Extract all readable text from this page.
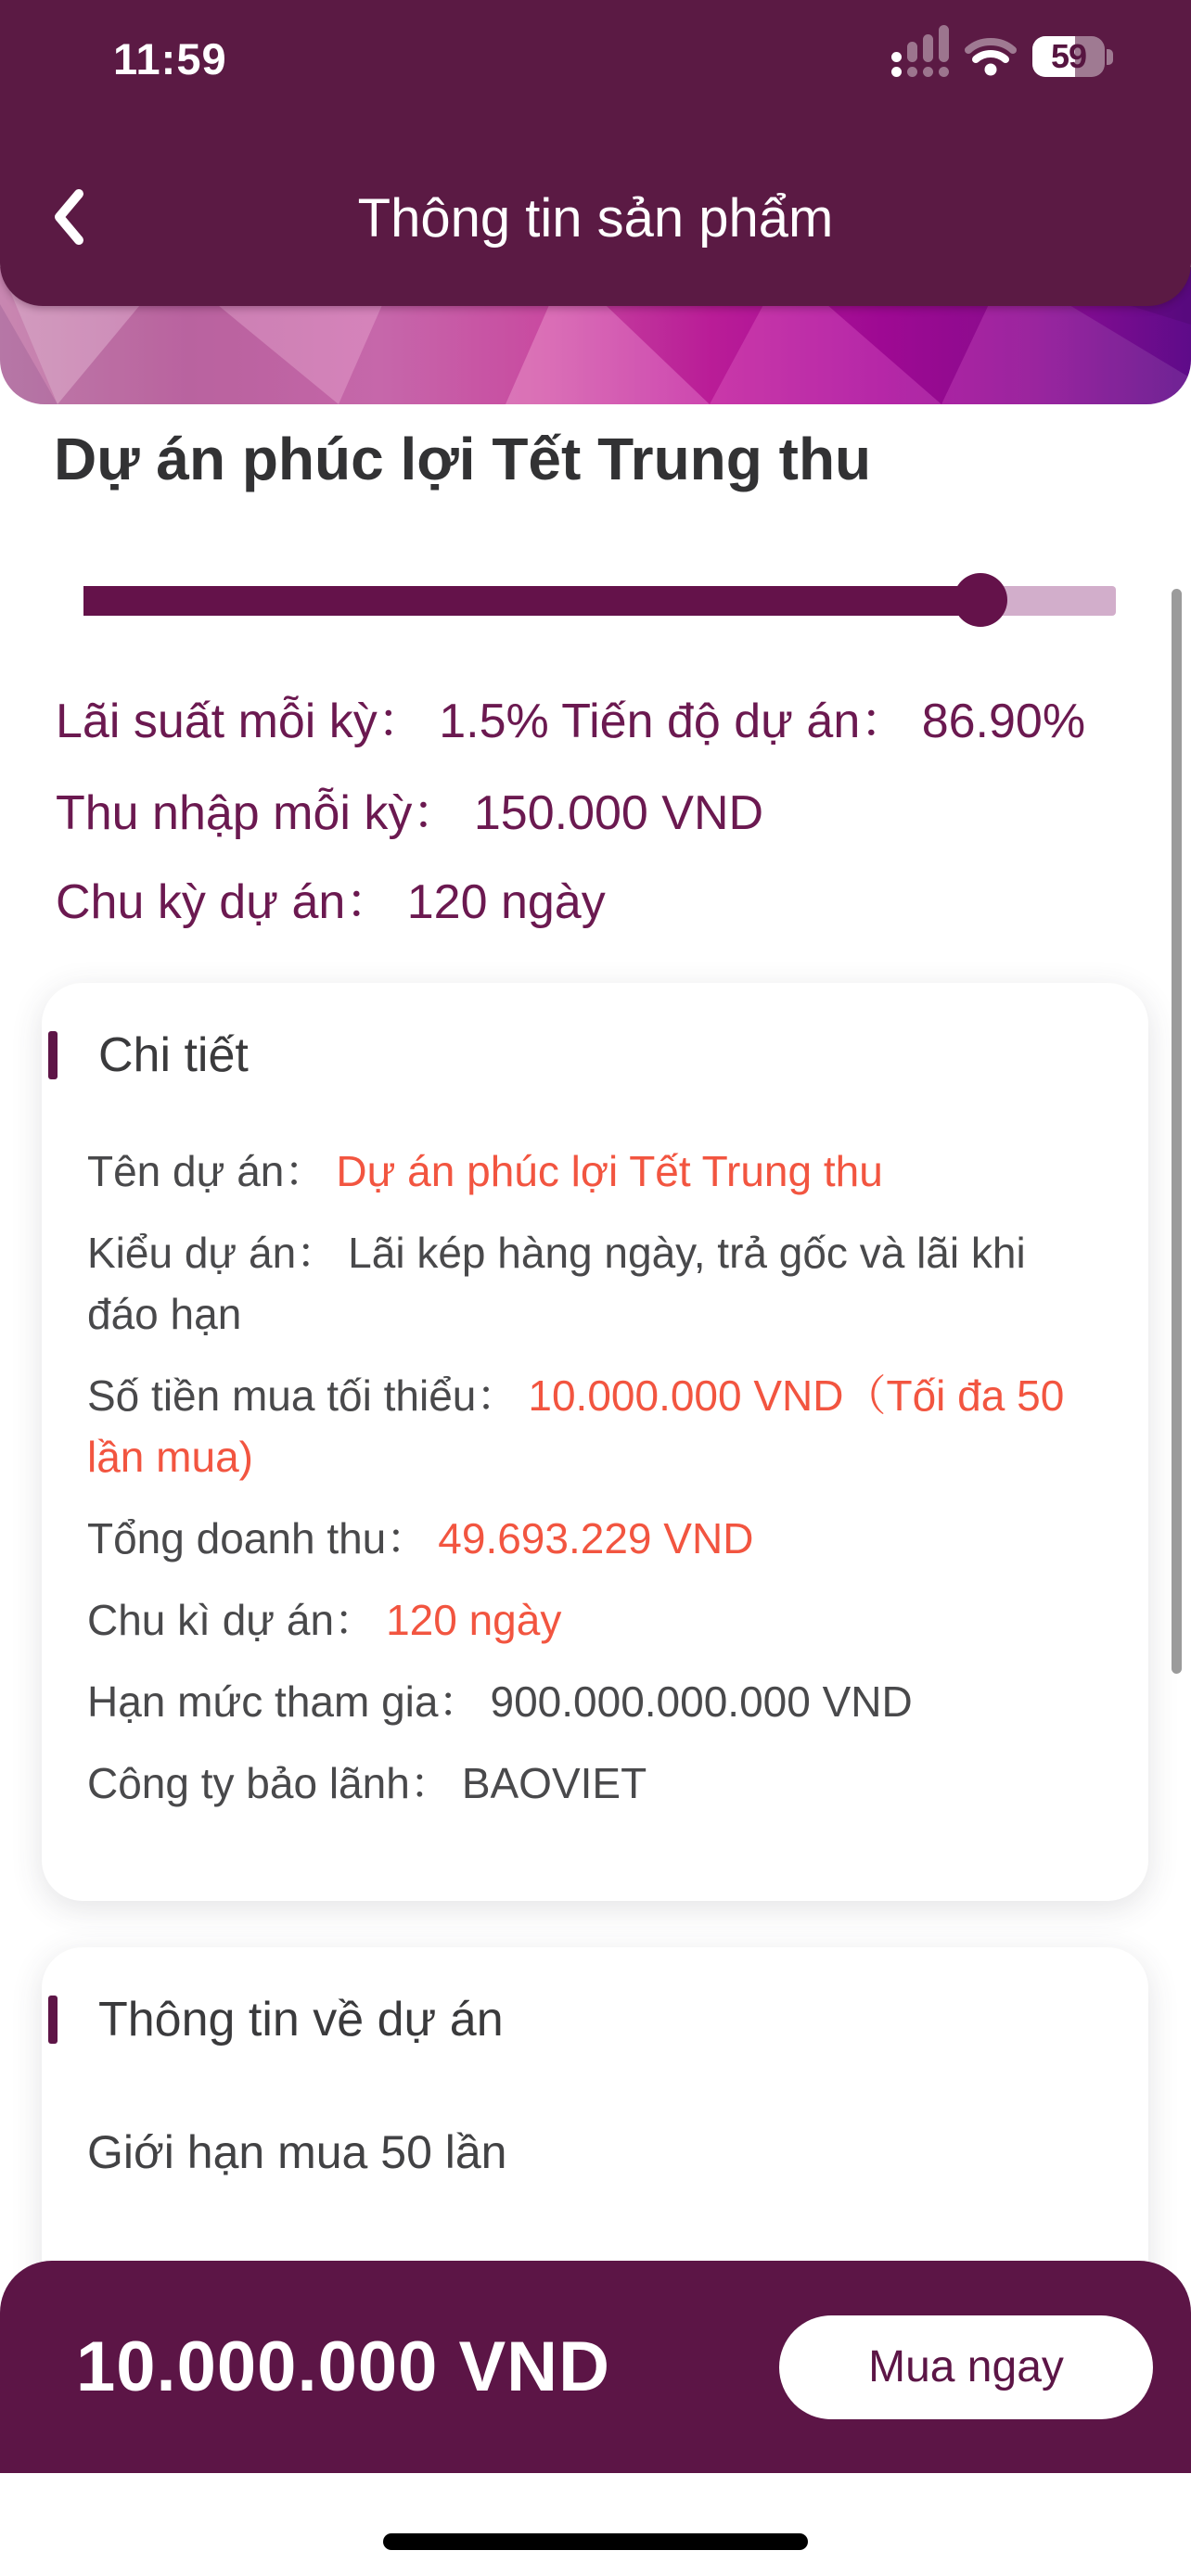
11:59	59
Thông tin sản phẩm
Dự án phúc lợi Tết Trung thu
Lãi suất mỗi kỳ： 1.5% Tiến độ dự án： 86.90%
Thu nhập mỗi kỳ： 150.000 VND
Chu kỳ dự án： 120 ngày
Chi tiết
Tên dự án： Dự án phúc lợi Tết Trung thu
Kiểu dự án： Lãi kép hàng ngày, trả gốc và lãi khi đáo hạn
Số tiền mua tối thiểu： 10.000.000 VND（Tối đa 50 lần mua)
Tổng doanh thu： 49.693.229 VND
Chu kì dự án： 120 ngày
Hạn mức tham gia： 900.000.000.000 VND
Công ty bảo lãnh： BAOVIET
Thông tin về dự án
Giới hạn mua 50 lần
10.000.000 VND	Mua ngay
